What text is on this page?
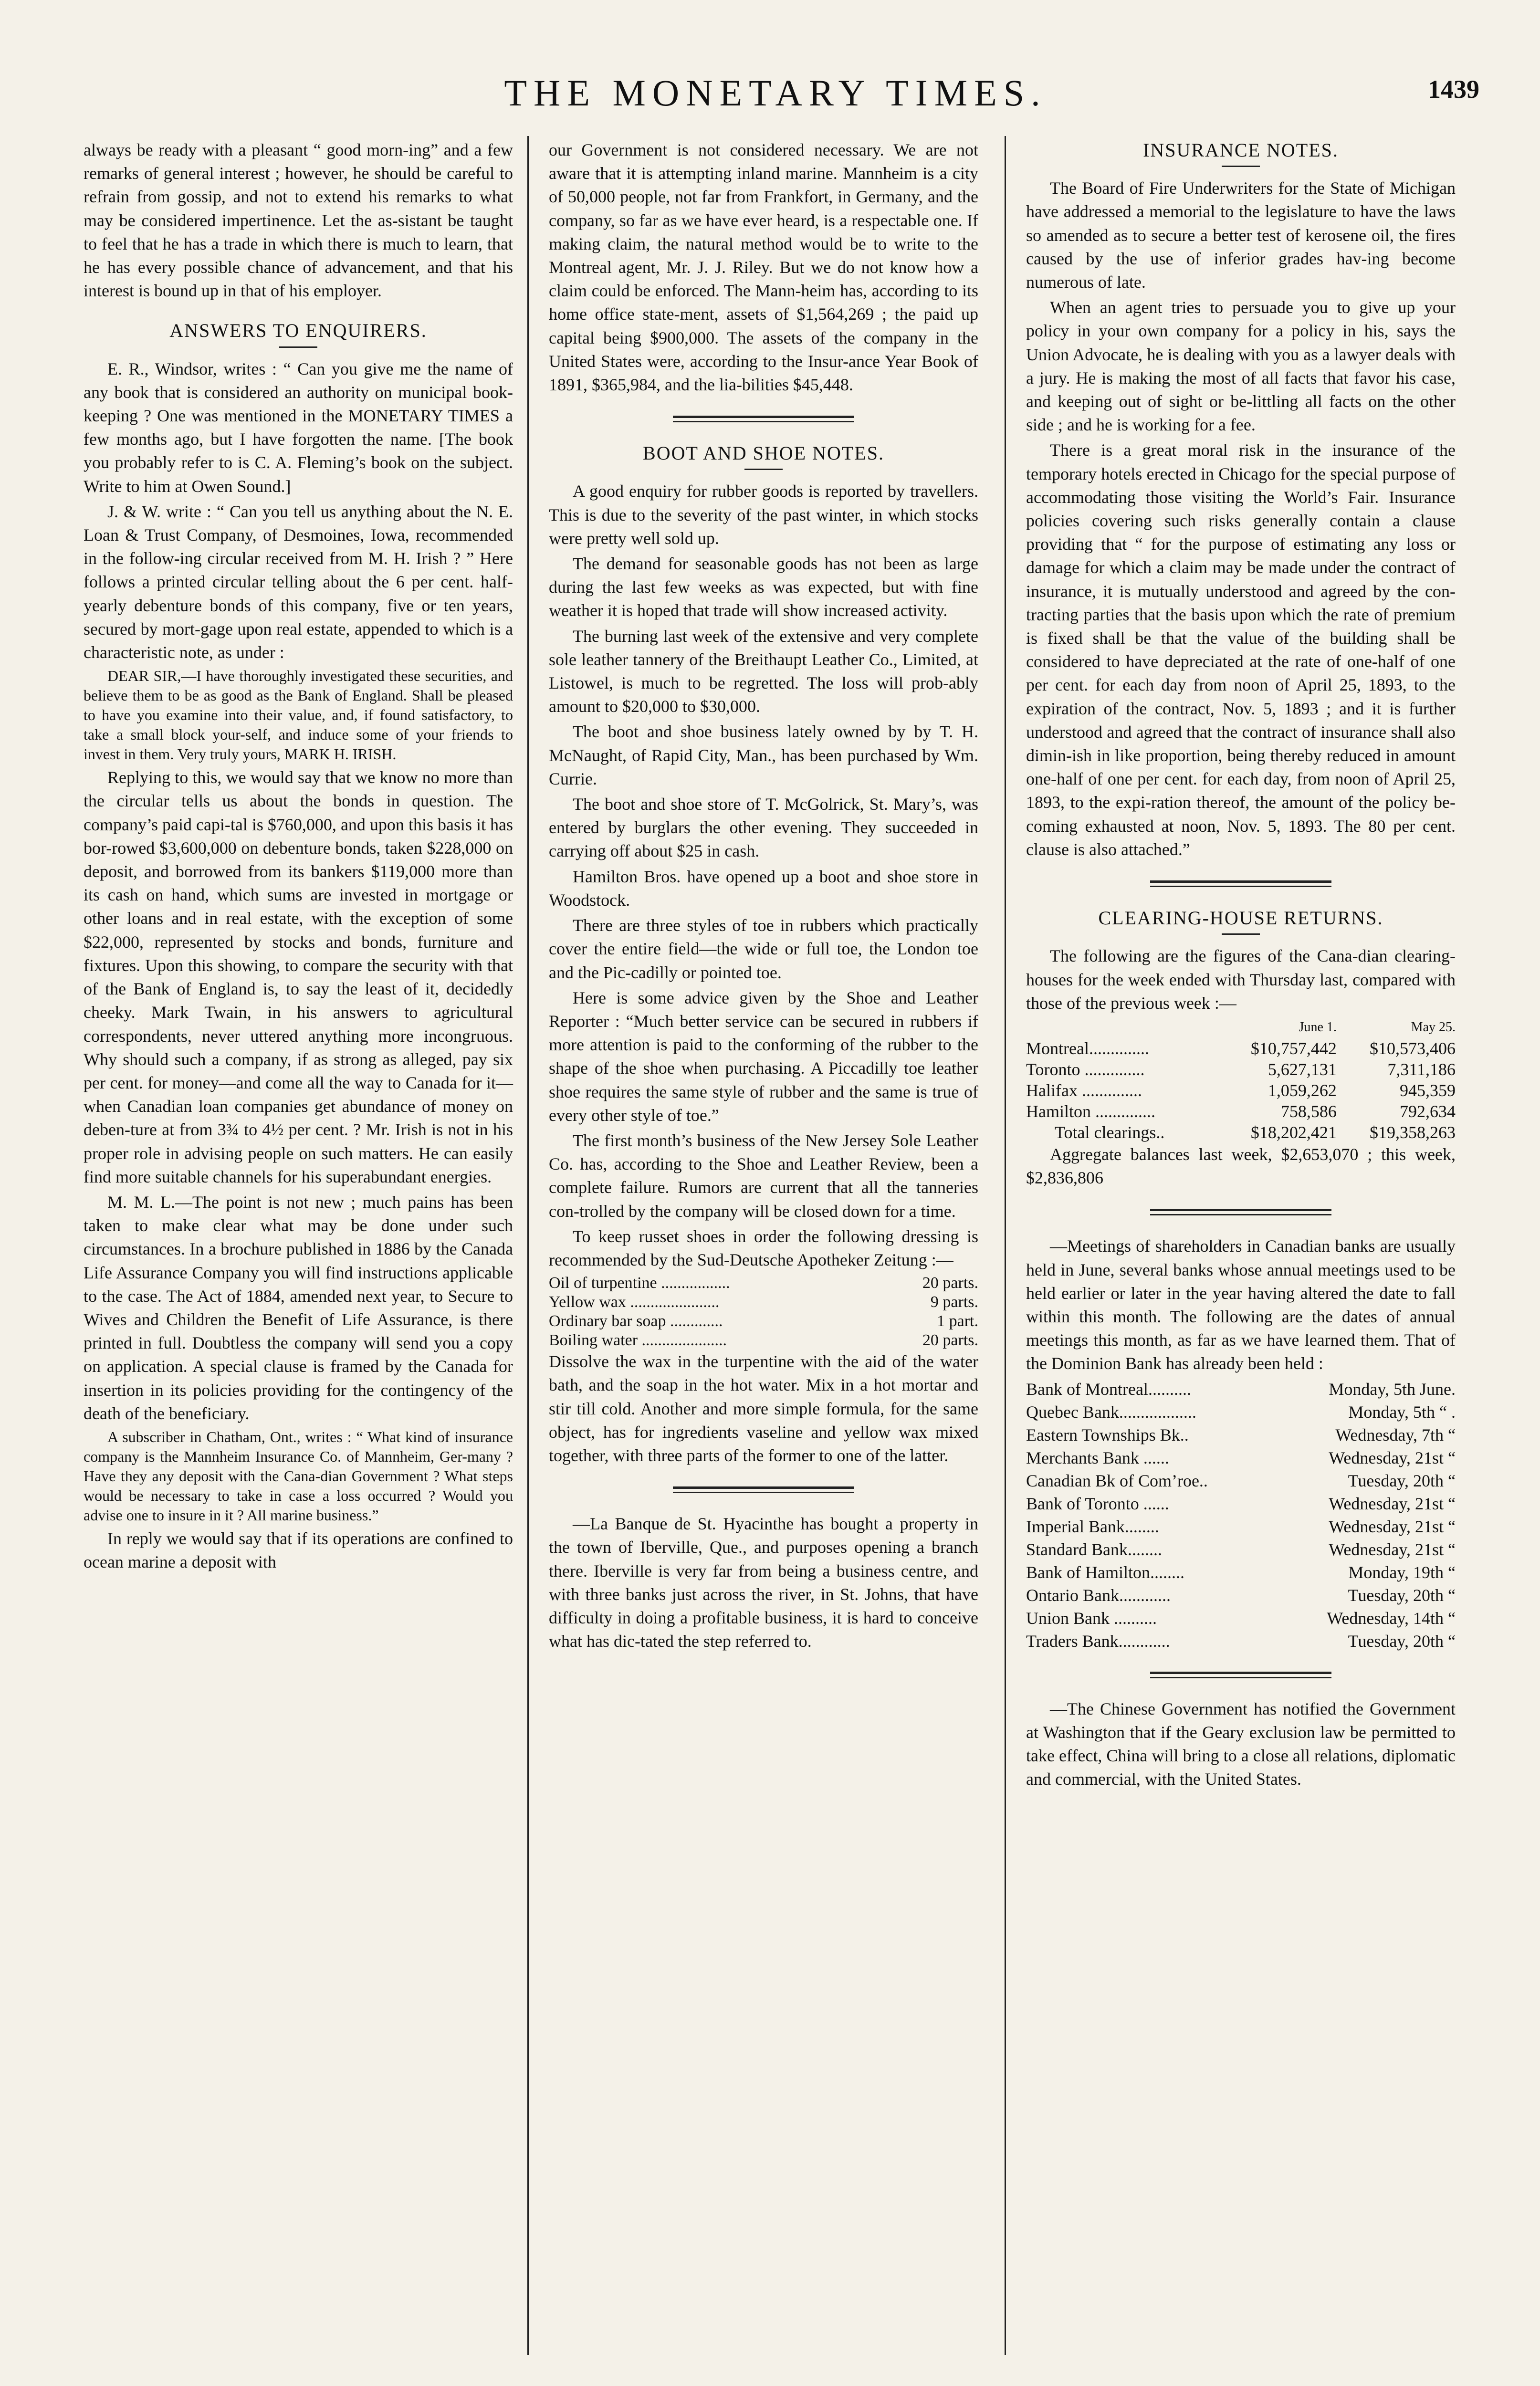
THE MONETARY TIMES.	1439

always be ready with a pleasant “ good morn-ing” and a few remarks of general interest ; however, he should be careful to refrain from gossip, and not to extend his remarks to what may be considered impertinence. Let the as-sistant be taught to feel that he has a trade in which there is much to learn, that he has every possible chance of advancement, and that his interest is bound up in that of his employer.

ANSWERS TO ENQUIRERS.

E. R., Windsor, writes : “ Can you give me the name of any book that is considered an authority on municipal book-keeping ? One was mentioned in the MONETARY TIMES a few months ago, but I have forgotten the name. [The book you probably refer to is C. A. Fleming’s book on the subject. Write to him at Owen Sound.]

J. & W. write : “ Can you tell us anything about the N. E. Loan & Trust Company, of Desmoines, Iowa, recommended in the follow-ing circular received from M. H. Irish ? ” Here follows a printed circular telling about the 6 per cent. half-yearly debenture bonds of this company, five or ten years, secured by mort-gage upon real estate, appended to which is a characteristic note, as under :

DEAR SIR,—I have thoroughly investigated these securities, and believe them to be as good as the Bank of England. Shall be pleased to have you examine into their value, and, if found satisfactory, to take a small block your-self, and induce some of your friends to invest in them. Very truly yours, MARK H. IRISH.

Replying to this, we would say that we know no more than the circular tells us about the bonds in question. The company’s paid capi-tal is $760,000, and upon this basis it has bor-rowed $3,600,000 on debenture bonds, taken $228,000 on deposit, and borrowed from its bankers $119,000 more than its cash on hand, which sums are invested in mortgage or other loans and in real estate, with the exception of some $22,000, represented by stocks and bonds, furniture and fixtures. Upon this showing, to compare the security with that of the Bank of England is, to say the least of it, decidedly cheeky. Mark Twain, in his answers to agricultural correspondents, never uttered anything more incongruous. Why should such a company, if as strong as alleged, pay six per cent. for money—and come all the way to Canada for it—when Canadian loan companies get abundance of money on deben-ture at from 3¾ to 4½ per cent. ? Mr. Irish is not in his proper role in advising people on such matters. He can easily find more suitable channels for his superabundant energies.

M. M. L.—The point is not new ; much pains has been taken to make clear what may be done under such circumstances. In a brochure published in 1886 by the Canada Life Assurance Company you will find instructions applicable to the case. The Act of 1884, amended next year, to Secure to Wives and Children the Benefit of Life Assurance, is there printed in full. Doubtless the company will send you a copy on application. A special clause is framed by the Canada for insertion in its policies providing for the contingency of the death of the beneficiary.

A subscriber in Chatham, Ont., writes : “ What kind of insurance company is the Mannheim Insurance Co. of Mannheim, Ger-many ? Have they any deposit with the Cana-dian Government ? What steps would be necessary to take in case a loss occurred ? Would you advise one to insure in it ? All marine business.”

In reply we would say that if its operations are confined to ocean marine a deposit with

our Government is not considered necessary. We are not aware that it is attempting inland marine. Mannheim is a city of 50,000 people, not far from Frankfort, in Germany, and the company, so far as we have ever heard, is a respectable one. If making claim, the natural method would be to write to the Montreal agent, Mr. J. J. Riley. But we do not know how a claim could be enforced. The Mann-heim has, according to its home office state-ment, assets of $1,564,269 ; the paid up capital being $900,000. The assets of the company in the United States were, according to the Insur-ance Year Book of 1891, $365,984, and the lia-bilities $45,448.

BOOT AND SHOE NOTES.

A good enquiry for rubber goods is reported by travellers. This is due to the severity of the past winter, in which stocks were pretty well sold up.

The demand for seasonable goods has not been as large during the last few weeks as was expected, but with fine weather it is hoped that trade will show increased activity.

The burning last week of the extensive and very complete sole leather tannery of the Breithaupt Leather Co., Limited, at Listowel, is much to be regretted. The loss will prob-ably amount to $20,000 to $30,000.

The boot and shoe business lately owned by by T. H. McNaught, of Rapid City, Man., has been purchased by Wm. Currie.

The boot and shoe store of T. McGolrick, St. Mary’s, was entered by burglars the other evening. They succeeded in carrying off about $25 in cash.

Hamilton Bros. have opened up a boot and shoe store in Woodstock.

There are three styles of toe in rubbers which practically cover the entire field—the wide or full toe, the London toe and the Pic-cadilly or pointed toe.

Here is some advice given by the Shoe and Leather Reporter : “Much better service can be secured in rubbers if more attention is paid to the conforming of the rubber to the shape of the shoe when purchasing. A Piccadilly toe leather shoe requires the same style of rubber and the same is true of every other style of toe.”

The first month’s business of the New Jersey Sole Leather Co. has, according to the Shoe and Leather Review, been a complete failure. Rumors are current that all the tanneries con-trolled by the company will be closed down for a time.

To keep russet shoes in order the following dressing is recommended by the Sud-Deutsche Apotheker Zeitung :—

Oil of turpentine .................	20 parts.
Yellow wax ......................	9 parts.
Ordinary bar soap .............	1 part.
Boiling water .....................	20 parts.

Dissolve the wax in the turpentine with the aid of the water bath, and the soap in the hot water. Mix in a hot mortar and stir till cold. Another and more simple formula, for the same object, has for ingredients vaseline and yellow wax mixed together, with three parts of the former to one of the latter.

—La Banque de St. Hyacinthe has bought a property in the town of Iberville, Que., and purposes opening a branch there. Iberville is very far from being a business centre, and with three banks just across the river, in St. Johns, that have difficulty in doing a profitable business, it is hard to conceive what has dic-tated the step referred to.

INSURANCE NOTES.

The Board of Fire Underwriters for the State of Michigan have addressed a memorial to the legislature to have the laws so amended as to secure a better test of kerosene oil, the fires caused by the use of inferior grades hav-ing become numerous of late.

When an agent tries to persuade you to give up your policy in your own company for a policy in his, says the Union Advocate, he is dealing with you as a lawyer deals with a jury. He is making the most of all facts that favor his case, and keeping out of sight or be-littling all facts on the other side ; and he is working for a fee.

There is a great moral risk in the insurance of the temporary hotels erected in Chicago for the special purpose of accommodating those visiting the World’s Fair. Insurance policies covering such risks generally contain a clause providing that “ for the purpose of estimating any loss or damage for which a claim may be made under the contract of insurance, it is mutually understood and agreed by the con-tracting parties that the basis upon which the rate of premium is fixed shall be that the value of the building shall be considered to have depreciated at the rate of one-half of one per cent. for each day from noon of April 25, 1893, to the expiration of the contract, Nov. 5, 1893 ; and it is further understood and agreed that the contract of insurance shall also dimin-ish in like proportion, being thereby reduced in amount one-half of one per cent. for each day, from noon of April 25, 1893, to the expi-ration thereof, the amount of the policy be-coming exhausted at noon, Nov. 5, 1893. The 80 per cent. clause is also attached.”

CLEARING-HOUSE RETURNS.

The following are the figures of the Cana-dian clearing-houses for the week ended with Thursday last, compared with those of the previous week :—

	June 1.	May 25.
Montreal..............	$10,757,442	$10,573,406
Toronto ..............	5,627,131	7,311,186
Halifax ..............	1,059,262	945,359
Hamilton ..............	758,586	792,634
Total clearings..	$18,202,421	$19,358,263

Aggregate balances last week, $2,653,070 ; this week, $2,836,806

—Meetings of shareholders in Canadian banks are usually held in June, several banks whose annual meetings used to be held earlier or later in the year having altered the date to fall within this month. The following are the dates of annual meetings this month, as far as we have learned them. That of the Dominion Bank has already been held :

Bank of Montreal..........	Monday, 5th June.
Quebec Bank..................	Monday, 5th “ .
Eastern Townships Bk..	Wednesday, 7th “
Merchants Bank ......	Wednesday, 21st “
Canadian Bk of Com’roe..	Tuesday, 20th “
Bank of Toronto ......	Wednesday, 21st “
Imperial Bank........	Wednesday, 21st “
Standard Bank........	Wednesday, 21st “
Bank of Hamilton........	Monday, 19th “
Ontario Bank............	Tuesday, 20th “
Union Bank ..........	Wednesday, 14th “
Traders Bank............	Tuesday, 20th “

—The Chinese Government has notified the Government at Washington that if the Geary exclusion law be permitted to take effect, China will bring to a close all relations, diplomatic and commercial, with the United States.
